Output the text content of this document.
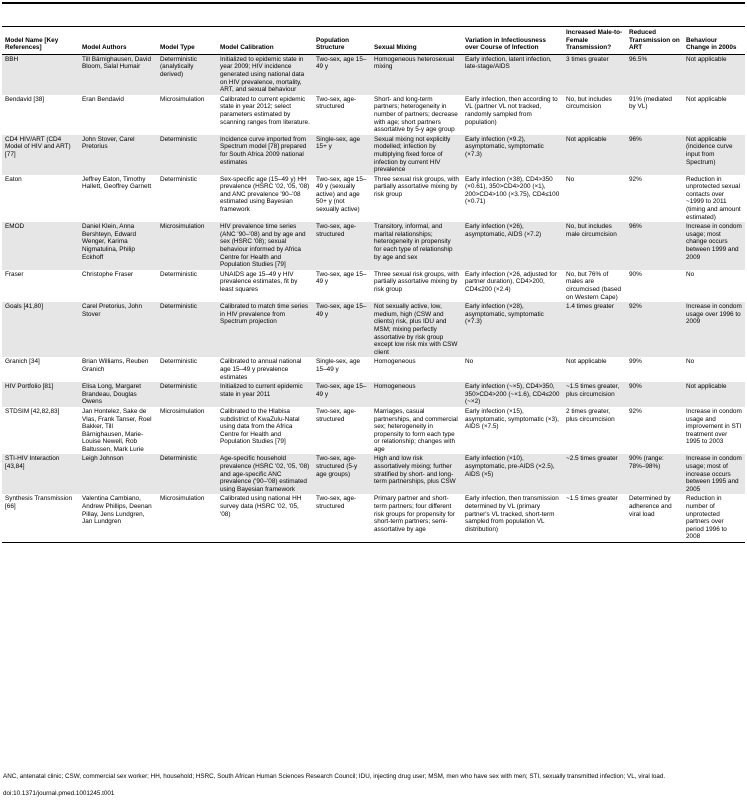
Model Name [Key References]	Model Authors	Model Type	Model Calibration	Population Structure	Sexual Mixing	Variation in Infectiousness over Course of Infection	Increased Male-to-Female Transmission?	Reduced Transmission on ART	Behaviour Change in 2000s
BBH	Till Bärnighausen, David Bloom, Salal Humair	Deterministic (analytically derived)	Initialized to epidemic state in year 2009; HIV incidence generated using national data on HIV prevalence, mortality, ART, and sexual behaviour	Two-sex, age 15–49 y	Homogeneous heterosexual mixing	Early infection, latent infection, late-stage/AIDS	3 times greater	96.5%	Not applicable
Bendavid [38]	Eran Bendavid	Microsimulation	Calibrated to current epidemic state in year 2012; select parameters estimated by scanning ranges from literature.	Two-sex, age-structured	Short- and long-term partners; heterogeneity in number of partners; decrease with age; short partners assortative by 5-y age group	Early infection, then according to VL (partner VL not tracked, randomly sampled from population)	No, but includes circumcision	91% (mediated by VL)	Not applicable
CD4 HIV/ART (CD4 Model of HIV and ART) [77]	John Stover, Carel Pretorius	Deterministic	Incidence curve imported from Spectrum model [78] prepared for South Africa 2009 national estimates	Single-sex, age 15+ y	Sexual mixing not explicitly modelled; infection by multiplying fixed force of infection by current HIV prevalence	Early infection (×9.2), asymptomatic, symptomatic (×7.3)	Not applicable	96%	Not applicable (incidence curve input from Spectrum)
Eaton	Jeffrey Eaton, Timothy Hallett, Geoffrey Garnett	Deterministic	Sex-specific age (15–49 y) HH prevalence (HSRC '02, '05, '08) and ANC prevalence '90–'08 estimated using Bayesian framework	Two-sex, age 15–49 y (sexually active) and age 50+ y (not sexually active)	Three sexual risk groups, with partially assortative mixing by risk group	Early infection (×38), CD4>350 (×0.61), 350>CD4>200 (×1), 200>CD4>100 (×3.75), CD4≤100 (×0.71)	No	92%	Reduction in unprotected sexual contacts over ~1999 to 2011 (timing and amount estimated)
EMOD	Daniel Klein, Anna Bershteyn, Edward Wenger, Karima Nigmatulina, Philip Eckhoff	Microsimulation	HIV prevalence time series (ANC '90–'08) and by age and sex (HSRC '08); sexual behaviour informed by Africa Centre for Health and Population Studies [79]	Two-sex, age-structured	Transitory, informal, and marital relationships; heterogeneity in propensity for each type of relationship by age and sex	Early infection (×26), asymptomatic, AIDS (×7.2)	No, but includes male circumcision	96%	Increase in condom usage; most change occurs between 1999 and 2009
Fraser	Christophe Fraser	Deterministic	UNAIDS age 15–49 y HIV prevalence estimates, fit by least squares	Two-sex, age 15–49 y	Three sexual risk groups, with partially assortative mixing by risk group	Early infection (×26, adjusted for partner duration), CD4>200, CD4≤200 (×2.4)	No, but 76% of males are circumcised (based on Western Cape)	90%	No
Goals [41,80]	Carel Pretorius, John Stover	Deterministic	Calibrated to match time series in HIV prevalence from Spectrum projection	Two-sex, age 15–49 y	Not sexually active, low, medium, high (CSW and clients) risk, plus IDU and MSM; mixing perfectly assortative by risk group except low risk mix with CSW client	Early infection (×28), asymptomatic, symptomatic (×7.3)	1.4 times greater	92%	Increase in condom usage over 1996 to 2009
Granich [34]	Brian Williams, Reuben Granich	Deterministic	Calibrated to annual national age 15–49 y prevalence estimates	Single-sex, age 15–49 y	Homogeneous	No	Not applicable	99%	No
HIV Portfolio [81]	Elisa Long, Margaret Brandeau, Douglas Owens	Deterministic	Initialized to current epidemic state in year 2011	Two-sex, age 15–49 y	Homogeneous	Early infection (~×5), CD4>350, 350>CD4>200 (~×1.6), CD4≤200 (~×2)	~1.5 times greater, plus circumcision	90%	Not applicable
STDSIM [42,82,83]	Jan Hontelez, Sake de Vlas, Frank Tanser, Roel Bakker, Till Bärnighausen, Marie-Louise Newell, Rob Baltussen, Mark Lurie	Microsimulation	Calibrated to the Hlabisa subdistrict of KwaZulu-Natal using data from the Africa Centre for Health and Population Studies [79]	Two-sex, age-structured	Marriages, casual partnerships, and commercial sex; heterogeneity in propensity to form each type or relationship; changes with age	Early infection (×15), asymptomatic, symptomatic (×3), AIDS (×7.5)	2 times greater, plus circumcision	92%	Increase in condom usage and improvement in STI treatment over 1995 to 2003
STI-HIV Interaction [43,84]	Leigh Johnson	Deterministic	Age-specific household prevalence (HSRC '02, '05, '08) and age-specific ANC prevalence ('90–'08) estimated using Bayesian framework	Two-sex, age-structured (5-y age groups)	High and low risk assortatively mixing; further stratified by short- and long-term partnerships, plus CSW	Early infection (×10), asymptomatic, pre-AIDS (×2.5), AIDS (×5)	~2.5 times greater	90% (range: 78%–98%)	Increase in condom usage; most of increase occurs between 1995 and 2005
Synthesis Transmission [66]	Valentina Cambiano, Andrew Phillips, Deenan Pillay, Jens Lundgren, Jan Lundgren	Microsimulation	Calibrated using national HH survey data (HSRC '02, '05, '08)	Two-sex, age-structured	Primary partner and short-term partners; four different risk groups for propensity for short-term partners; semi-assortative by age	Early infection, then transmission determined by VL (primary partner's VL tracked, short-term sampled from population VL distribution)	~1.5 times greater	Determined by adherence and viral load	Reduction in number of unprotected partners over period 1996 to 2008
ANC, antenatal clinic; CSW, commercial sex worker; HH, household; HSRC, South African Human Sciences Research Council; IDU, injecting drug user; MSM, men who have sex with men; STI, sexually transmitted infection; VL, viral load.
doi:10.1371/journal.pmed.1001245.t001
